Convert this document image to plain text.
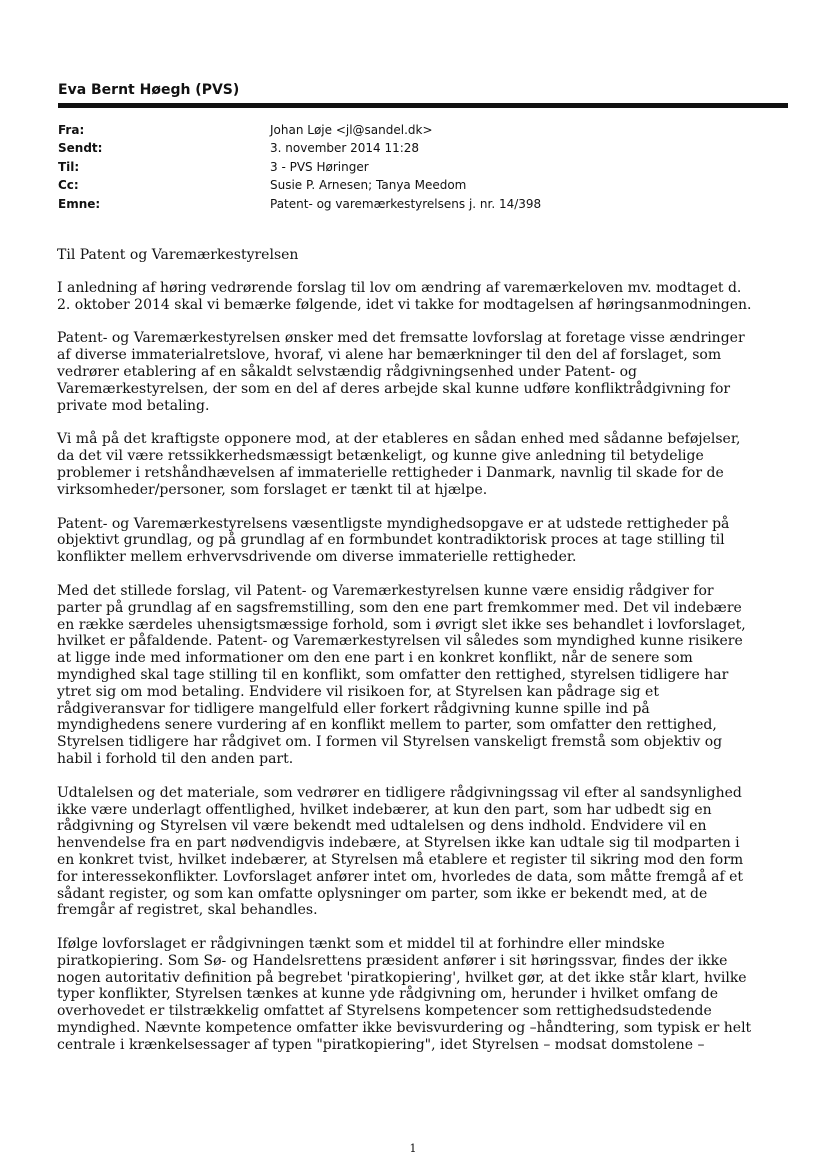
Eva Bernt Høegh (PVS)
Fra:	Johan Løje <jl@sandel.dk>
Sendt:	3. november 2014 11:28
Til:	3 - PVS Høringer
Cc:	Susie P. Arnesen; Tanya Meedom
Emne:	Patent- og varemærkestyrelsens j. nr. 14/398

Til Patent og Varemærkestyrelsen

I anledning af høring vedrørende forslag til lov om ændring af varemærkeloven mv. modtaget d.
2. oktober 2014 skal vi bemærke følgende, idet vi takke for modtagelsen af høringsanmodningen.

Patent- og Varemærkestyrelsen ønsker med det fremsatte lovforslag at foretage visse ændringer
af diverse immaterialretslove, hvoraf, vi alene har bemærkninger til den del af forslaget, som
vedrører etablering af en såkaldt selvstændig rådgivningsenhed under Patent- og
Varemærkestyrelsen, der som en del af deres arbejde skal kunne udføre konfliktrådgivning for
private mod betaling.

Vi må på det kraftigste opponere mod, at der etableres en sådan enhed med sådanne beføjelser,
da det vil være retssikkerhedsmæssigt betænkeligt, og kunne give anledning til betydelige
problemer i retshåndhævelsen af immaterielle rettigheder i Danmark, navnlig til skade for de
virksomheder/personer, som forslaget er tænkt til at hjælpe.

Patent- og Varemærkestyrelsens væsentligste myndighedsopgave er at udstede rettigheder på
objektivt grundlag, og på grundlag af en formbundet kontradiktorisk proces at tage stilling til
konflikter mellem erhvervsdrivende om diverse immaterielle rettigheder.

Med det stillede forslag, vil Patent- og Varemærkestyrelsen kunne være ensidig rådgiver for
parter på grundlag af en sagsfremstilling, som den ene part fremkommer med. Det vil indebære
en række særdeles uhensigtsmæssige forhold, som i øvrigt slet ikke ses behandlet i lovforslaget,
hvilket er påfaldende. Patent- og Varemærkestyrelsen vil således som myndighed kunne risikere
at ligge inde med informationer om den ene part i en konkret konflikt, når de senere som
myndighed skal tage stilling til en konflikt, som omfatter den rettighed, styrelsen tidligere har
ytret sig om mod betaling. Endvidere vil risikoen for, at Styrelsen kan pådrage sig et
rådgiveransvar for tidligere mangelfuld eller forkert rådgivning kunne spille ind på
myndighedens senere vurdering af en konflikt mellem to parter, som omfatter den rettighed,
Styrelsen tidligere har rådgivet om. I formen vil Styrelsen vanskeligt fremstå som objektiv og
habil i forhold til den anden part.

Udtalelsen og det materiale, som vedrører en tidligere rådgivningssag vil efter al sandsynlighed
ikke være underlagt offentlighed, hvilket indebærer, at kun den part, som har udbedt sig en
rådgivning og Styrelsen vil være bekendt med udtalelsen og dens indhold. Endvidere vil en
henvendelse fra en part nødvendigvis indebære, at Styrelsen ikke kan udtale sig til modparten i
en konkret tvist, hvilket indebærer, at Styrelsen må etablere et register til sikring mod den form
for interessekonflikter. Lovforslaget anfører intet om, hvorledes de data, som måtte fremgå af et
sådant register, og som kan omfatte oplysninger om parter, som ikke er bekendt med, at de
fremgår af registret, skal behandles.

Ifølge lovforslaget er rådgivningen tænkt som et middel til at forhindre eller mindske
piratkopiering. Som Sø- og Handelsrettens præsident anfører i sit høringssvar, findes der ikke
nogen autoritativ definition på begrebet 'piratkopiering', hvilket gør, at det ikke står klart, hvilke
typer konflikter, Styrelsen tænkes at kunne yde rådgivning om, herunder i hvilket omfang de
overhovedet er tilstrækkelig omfattet af Styrelsens kompetencer som rettighedsudstedende
myndighed. Nævnte kompetence omfatter ikke bevisvurdering og –håndtering, som typisk er helt
centrale i krænkelsessager af typen "piratkopiering", idet Styrelsen – modsat domstolene –

1
